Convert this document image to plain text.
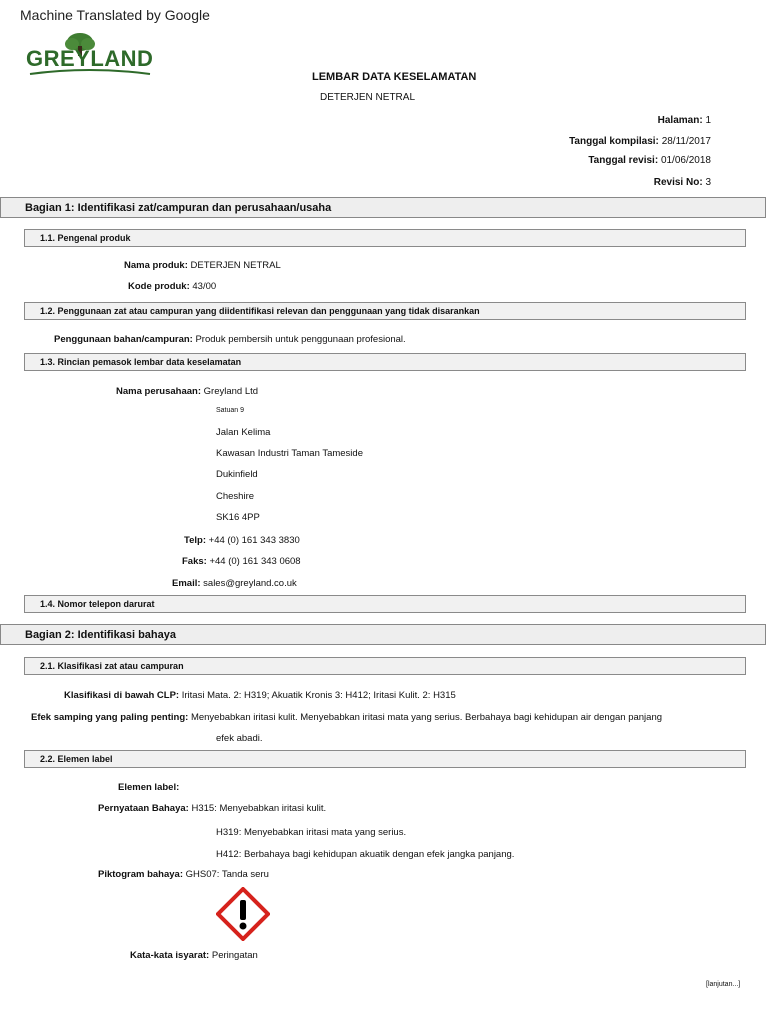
Machine Translated by Google
GREYLAND
LEMBAR DATA KESELAMATAN
DETERJEN NETRAL
Halaman: 1
Tanggal kompilasi: 28/11/2017
Tanggal revisi: 01/06/2018
Revisi No: 3
Bagian 1: Identifikasi zat/campuran dan perusahaan/usaha
1.1. Pengenal produk
Nama produk: DETERJEN NETRAL
Kode produk: 43/00
1.2. Penggunaan zat atau campuran yang diidentifikasi relevan dan penggunaan yang tidak disarankan
Penggunaan bahan/campuran: Produk pembersih untuk penggunaan profesional.
1.3. Rincian pemasok lembar data keselamatan
Nama perusahaan: Greyland Ltd
Satuan 9
Jalan Kelima
Kawasan Industri Taman Tameside
Dukinfield
Cheshire
SK16 4PP
Telp: +44 (0) 161 343 3830
Faks: +44 (0) 161 343 0608
Email: sales@greyland.co.uk
1.4. Nomor telepon darurat
Bagian 2: Identifikasi bahaya
2.1. Klasifikasi zat atau campuran
Klasifikasi di bawah CLP: Iritasi Mata. 2: H319; Akuatik Kronis 3: H412; Iritasi Kulit. 2: H315
Efek samping yang paling penting: Menyebabkan iritasi kulit. Menyebabkan iritasi mata yang serius. Berbahaya bagi kehidupan air dengan panjang
efek abadi.
2.2. Elemen label
Elemen label:
Pernyataan Bahaya: H315: Menyebabkan iritasi kulit.
H319: Menyebabkan iritasi mata yang serius.
H412: Berbahaya bagi kehidupan akuatik dengan efek jangka panjang.
Piktogram bahaya: GHS07: Tanda seru
Kata-kata isyarat: Peringatan
[lanjutan...]
